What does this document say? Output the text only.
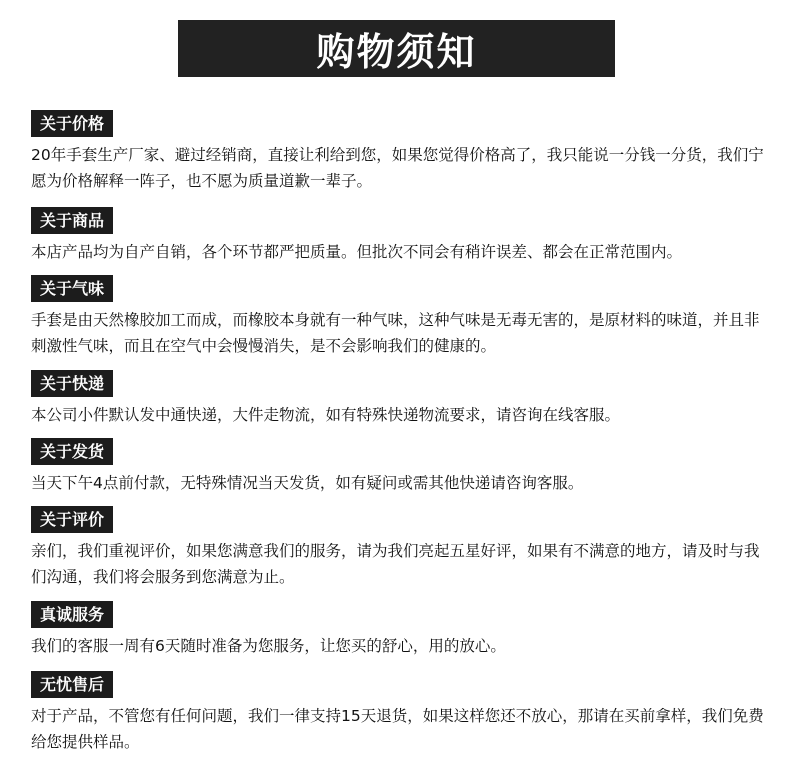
购物须知
关于价格
20年手套生产厂家、避过经销商，直接让利给到您，如果您觉得价格高了，我只能说一分钱一分货，我们宁愿为价格解释一阵子，也不愿为质量道歉一辈子。
关于商品
本店产品均为自产自销，各个环节都严把质量。但批次不同会有稍许误差、都会在正常范围内。
关于气味
手套是由天然橡胶加工而成，而橡胶本身就有一种气味，这种气味是无毒无害的，是原材料的味道，并且非刺激性气味，而且在空气中会慢慢消失，是不会影响我们的健康的。
关于快递
本公司小件默认发中通快递，大件走物流，如有特殊快递物流要求，请咨询在线客服。
关于发货
当天下午4点前付款，无特殊情况当天发货，如有疑问或需其他快递请咨询客服。
关于评价
亲们，我们重视评价，如果您满意我们的服务，请为我们亮起五星好评，如果有不满意的地方，请及时与我们沟通，我们将会服务到您满意为止。
真诚服务
我们的客服一周有6天随时准备为您服务，让您买的舒心，用的放心。
无忧售后
对于产品，不管您有任何问题，我们一律支持15天退货，如果这样您还不放心，那请在买前拿样，我们免费给您提供样品。
